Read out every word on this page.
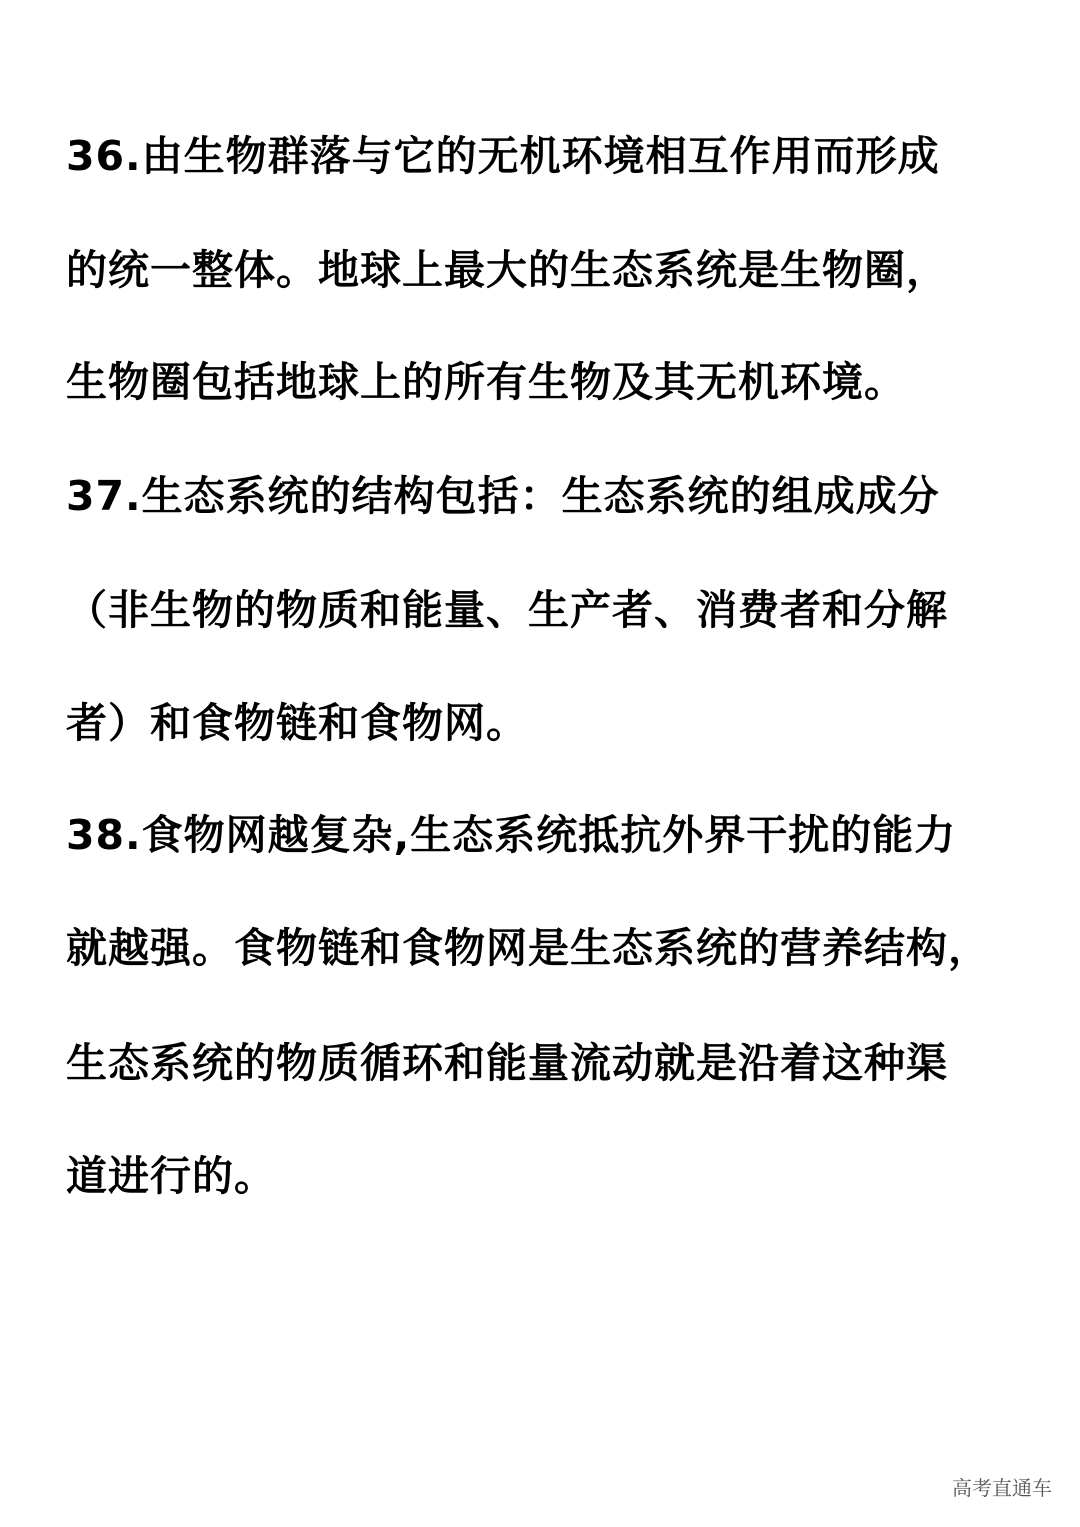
36.由生物群落与它的无机环境相互作用而形成
的统一整体。地球上最大的生态系统是生物圈，
生物圈包括地球上的所有生物及其无机环境。
37.生态系统的结构包括：生态系统的组成成分
（非生物的物质和能量、生产者、消费者和分解
者）和食物链和食物网。
38.食物网越复杂,生态系统抵抗外界干扰的能力
就越强。食物链和食物网是生态系统的营养结构，
生态系统的物质循环和能量流动就是沿着这种渠
道进行的。
高考直通车
